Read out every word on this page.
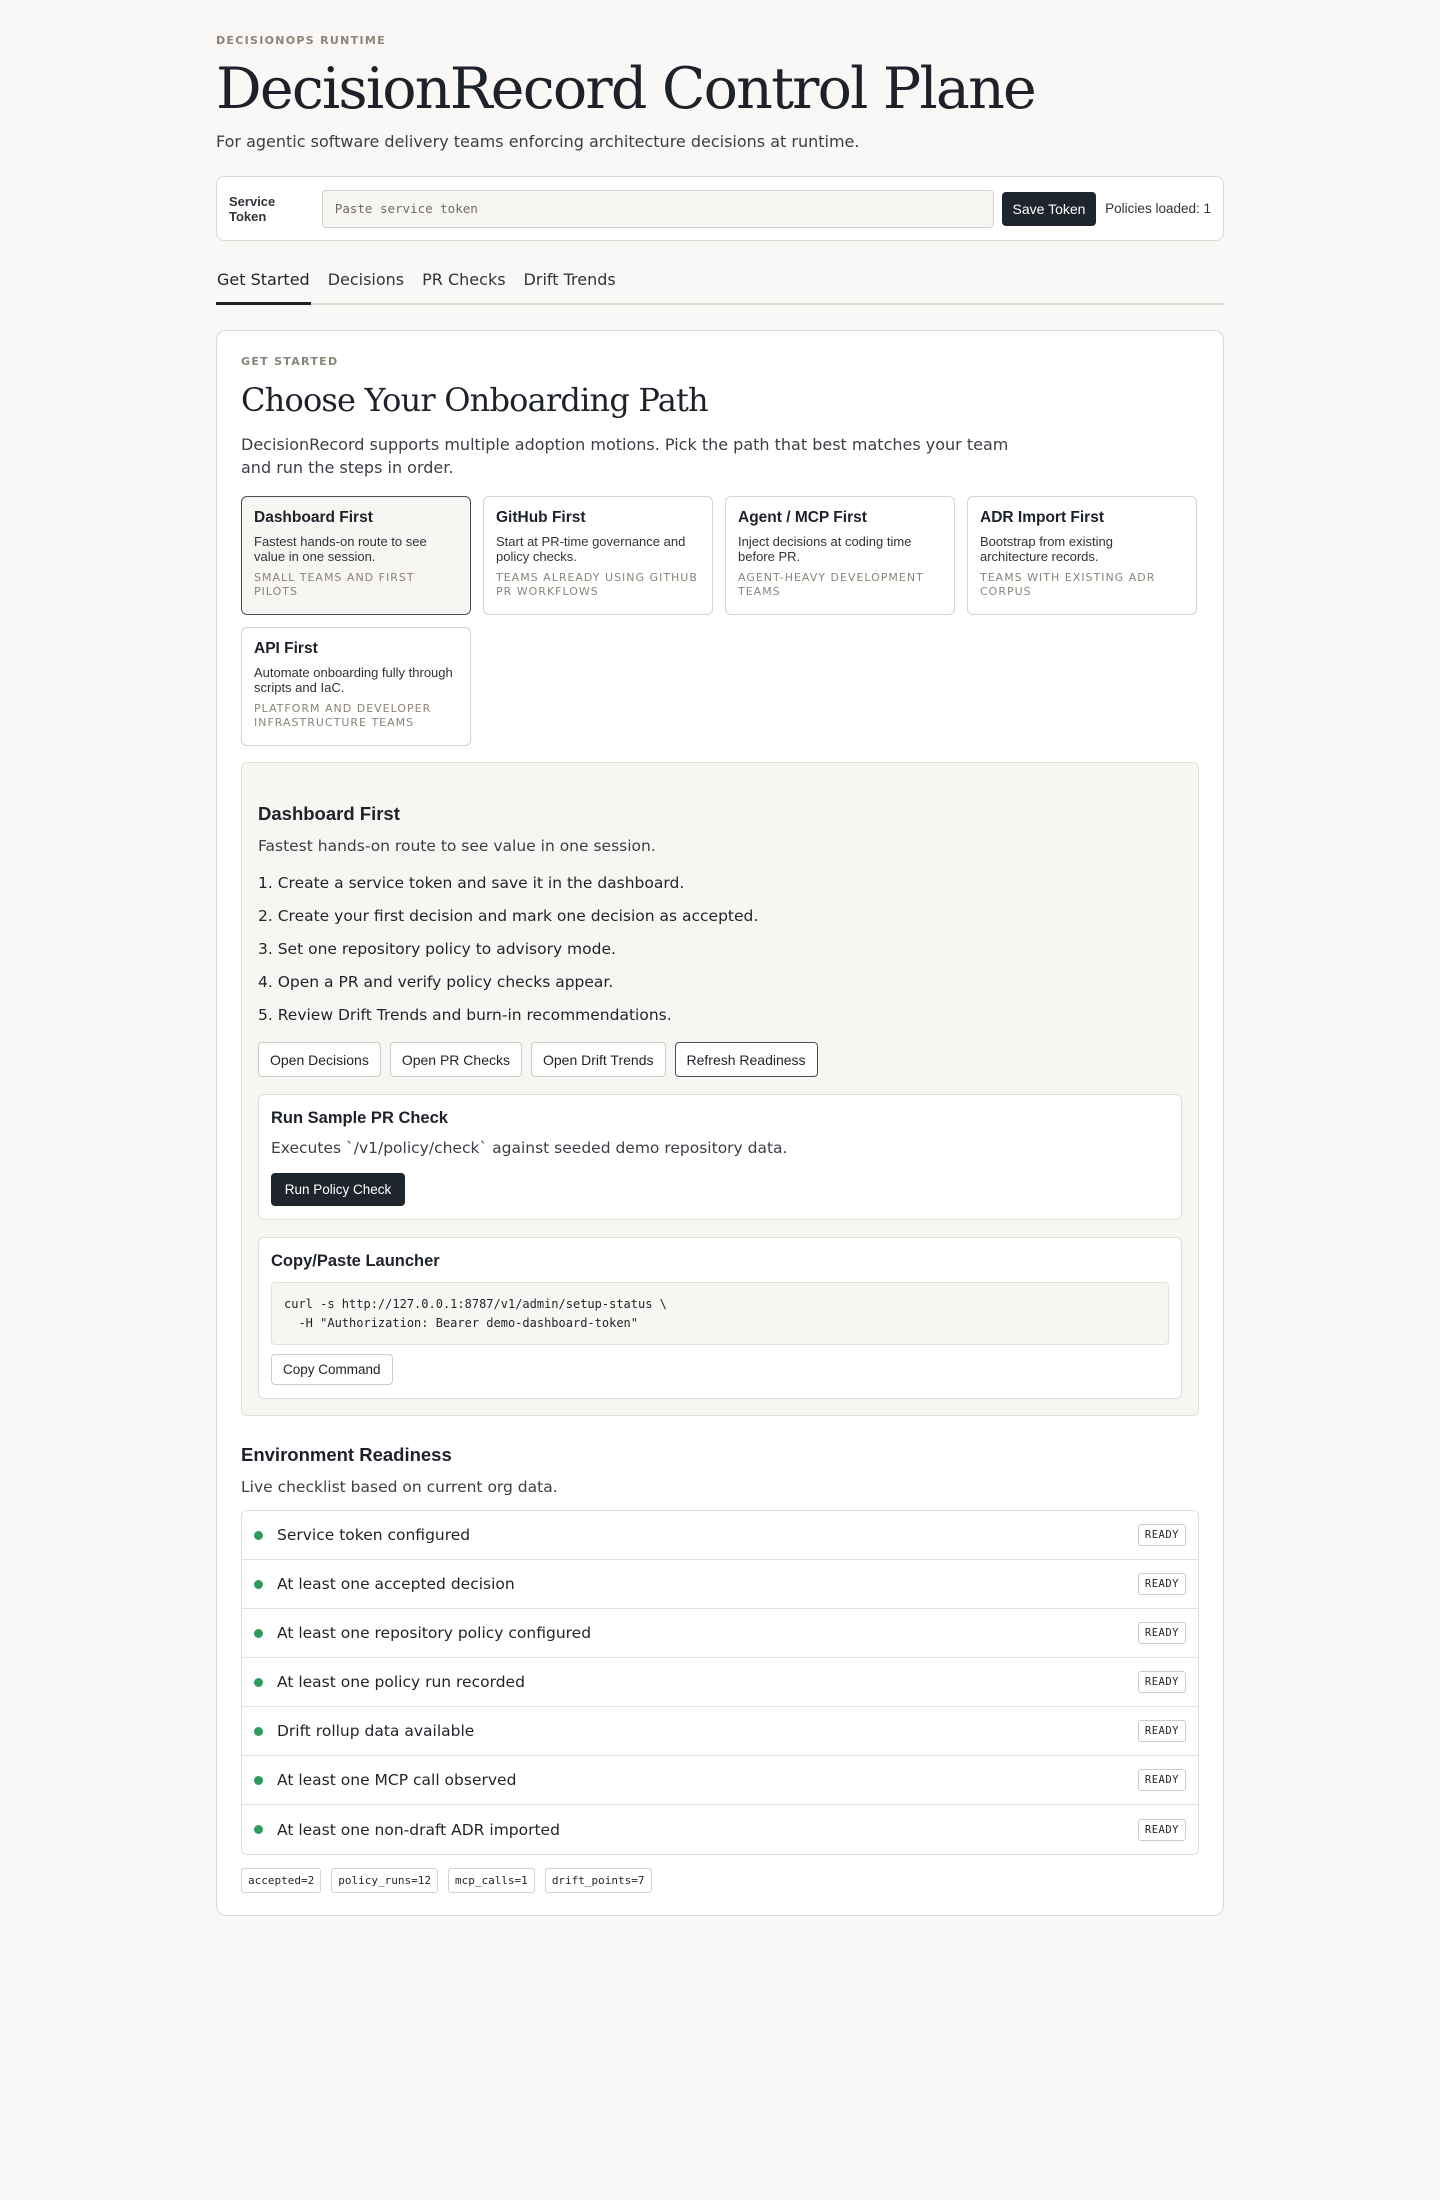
DECISIONOPS RUNTIME
DecisionRecord Control Plane

For agentic software delivery teams enforcing architecture decisions at runtime.

Service Token
Paste service token	Save Token	Policies loaded: 1
Get Started Decisions PR Checks Drift Trends
GET STARTED
Choose Your Onboarding Path

DecisionRecord supports multiple adoption motions. Pick the path that best matches your team and run the steps in order.

Dashboard First
Fastest hands-on route to see value in one session.
SMALL TEAMS AND FIRST PILOTS
GitHub First
Start at PR-time governance and policy checks.
TEAMS ALREADY USING GITHUB PR WORKFLOWS
Agent / MCP First
Inject decisions at coding time before PR.
AGENT-HEAVY DEVELOPMENT TEAMS
ADR Import First
Bootstrap from existing architecture records.
TEAMS WITH EXISTING ADR CORPUS
API First
Automate onboarding fully through scripts and IaC.
PLATFORM AND DEVELOPER INFRASTRUCTURE TEAMS
Dashboard First

Fastest hands-on route to see value in one session.

1. Create a service token and save it in the dashboard.
2. Create your first decision and mark one decision as accepted.
3. Set one repository policy to advisory mode.
4. Open a PR and verify policy checks appear.
5. Review Drift Trends and burn-in recommendations.
Open Decisions	Open PR Checks	Open Drift Trends	Refresh Readiness
Run Sample PR Check

Executes `/v1/policy/check` against seeded demo repository data.

Run Policy Check
Copy/Paste Launcher
curl -s http://127.0.0.1:8787/v1/admin/setup-status \
-H "Authorization: Bearer demo-dashboard-token"
Copy Command
Environment Readiness

Live checklist based on current org data.

Service token configured	READY
At least one accepted decision	READY
At least one repository policy configured	READY
At least one policy run recorded	READY
Drift rollup data available	READY
At least one MCP call observed	READY
At least one non-draft ADR imported	READY
accepted=2	policy_runs=12	mcp_calls=1	drift_points=7
